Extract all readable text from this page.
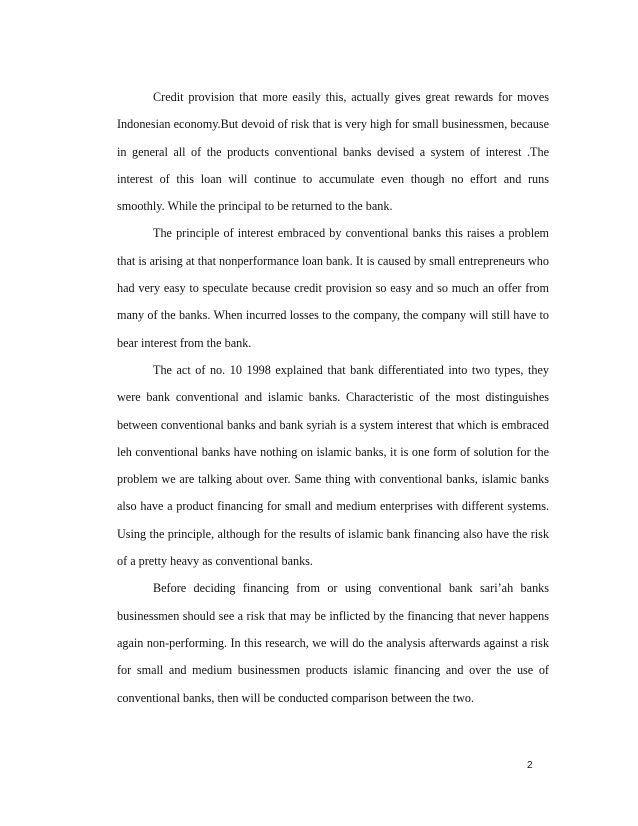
Credit provision that more easily this, actually gives great rewards for moves Indonesian economy.But devoid of risk that is very high for small businessmen, because in general all of the products conventional banks devised a system of interest .The interest of this loan will continue to accumulate even though no effort and runs smoothly. While the principal to be returned to the bank.

The principle of interest embraced by conventional banks this raises a problem that is arising at that nonperformance loan bank. It is caused by small entrepreneurs who had very easy to speculate because credit provision so easy and so much an offer from many of the banks. When incurred losses to the company, the company will still have to bear interest from the bank.

The act of no. 10 1998 explained that bank differentiated into two types, they were bank conventional and islamic banks. Characteristic of the most distinguishes between conventional banks and bank syriah is a system interest that which is embraced leh conventional banks have nothing on islamic banks, it is one form of solution for the problem we are talking about over. Same thing with conventional banks, islamic banks also have a product financing for small and medium enterprises with different systems. Using the principle, although for the results of islamic bank financing also have the risk of a pretty heavy as conventional banks.

Before deciding financing from or using conventional bank sari’ah banks businessmen should see a risk that may be inflicted by the financing that never happens again non-performing. In this research, we will do the analysis afterwards against a risk for small and medium businessmen products islamic financing and over the use of conventional banks, then will be conducted comparison between the two.

2
